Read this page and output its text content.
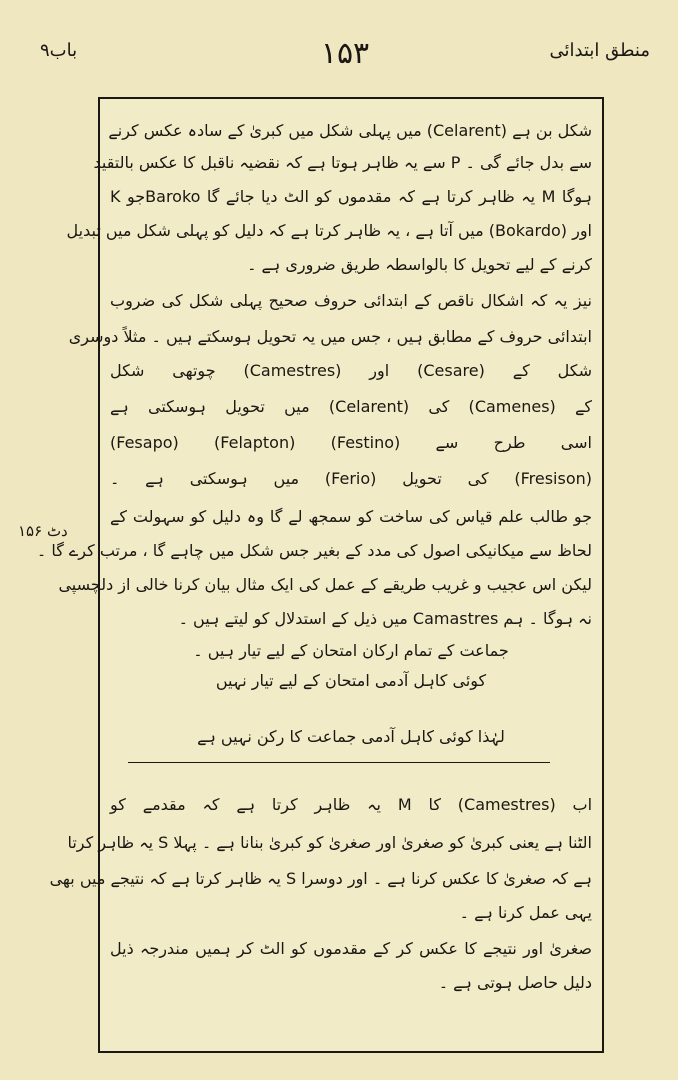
منطق ابتدائی
۱۵۳
باب۹
دٹ ۱۵۶
شکل بن ہے (Celarent) میں پہلی شکل میں کبریٰ کے سادہ عکس کرنے
سے بدل جائے گی ۔ P سے یہ ظاہر ہوتا ہے کہ نقضیہ ناقبل کا عکس بالتقید
ہوگا M یہ ظاہر کرتا ہے کہ مقدموں کو الٹ دیا جائے گا Barokoجو K
اور (Bokardo) میں آتا ہے ، یہ ظاہر کرتا ہے کہ دلیل کو پہلی شکل میں تبدیل
کرنے کے لیے تحویل کا بالواسطہ طریق ضروری ہے ۔
نیز یہ کہ اشکال ناقص کے ابتدائی حروف صحیح پہلی شکل کی ضروب
ابتدائی حروف کے مطابق ہیں ، جس میں یہ تحویل ہوسکتے ہیں ۔ مثلاً دوسری
شکل کے (Cesare) اور (Camestres) چوتھی شکل
کے (Camenes) کی (Celarent) میں تحویل ہوسکتی ہے
اسی طرح سے (Festino) (Felapton) (Fesapo)
(Fresison) کی تحویل (Ferio) میں ہوسکتی ہے ۔
جو طالب علم قیاس کی ساخت کو سمجھ لے گا وہ دلیل کو سہولت کے
لحاظ سے میکانیکی اصول کی مدد کے بغیر جس شکل میں چاہے گا ، مرتب کرے گا ۔
لیکن اس عجیب و غریب طریقے کے عمل کی ایک مثال بیان کرنا خالی از دلچسپی
نہ ہوگا ۔ ہم Camastres میں ذیل کے استدلال کو لیتے ہیں ۔
جماعت کے تمام ارکان امتحان کے لیے تیار ہیں ۔
کوئی کاہل آدمی امتحان کے لیے تیار نہیں
لہٰذا کوئی کاہل آدمی جماعت کا رکن نہیں ہے
اب (Camestres) کا M یہ ظاہر کرتا ہے کہ مقدمے کو
الٹنا ہے یعنی کبریٰ کو صغریٰ اور صغریٰ کو کبریٰ بنانا ہے ۔ پہلا S یہ ظاہر کرتا
ہے کہ صغریٰ کا عکس کرنا ہے ۔ اور دوسرا S یہ ظاہر کرتا ہے کہ نتیجے میں بھی
یہی عمل کرنا ہے ۔
صغریٰ اور نتیجے کا عکس کر کے مقدموں کو الٹ کر ہمیں مندرجہ ذیل
دلیل حاصل ہوتی ہے ۔
